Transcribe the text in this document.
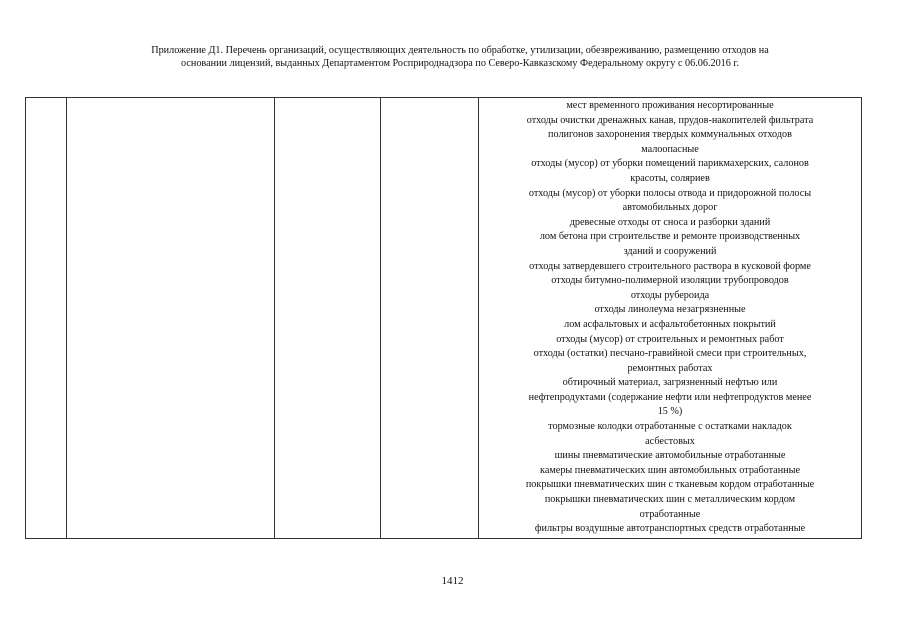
Приложение Д1. Перечень организаций, осуществляющих деятельность по обработке, утилизации, обезвреживанию, размещению отходов на
основании лицензий, выданных Департаментом Росприроднадзора по Северо-Кавказскому Федеральному округу с 06.06.2016 г.

мест временного проживания несортированные
отходы очистки дренажных канав, прудов-накопителей фильтрата
полигонов захоронения твердых коммунальных отходов
малоопасные
отходы (мусор) от уборки помещений парикмахерских, салонов
красоты, соляриев
отходы (мусор) от уборки полосы отвода и придорожной полосы
автомобильных дорог
древесные отходы от сноса и разборки зданий
лом бетона при строительстве и ремонте производственных
зданий и сооружений
отходы затвердевшего строительного раствора в кусковой форме
отходы битумно-полимерной изоляции трубопроводов
отходы рубероида
отходы линолеума незагрязненные
лом асфальтовых и асфальтобетонных покрытий
отходы (мусор) от строительных и ремонтных работ
отходы (остатки) песчано-гравийной смеси при строительных,
ремонтных работах
обтирочный материал, загрязненный нефтью или
нефтепродуктами (содержание нефти или нефтепродуктов менее
15 %)
тормозные колодки отработанные с остатками накладок
асбестовых
шины пневматические автомобильные отработанные
камеры пневматических шин автомобильных отработанные
покрышки пневматических шин с тканевым кордом отработанные
покрышки пневматических шин с металлическим кордом
отработанные
фильтры воздушные автотранспортных средств отработанные
1412
